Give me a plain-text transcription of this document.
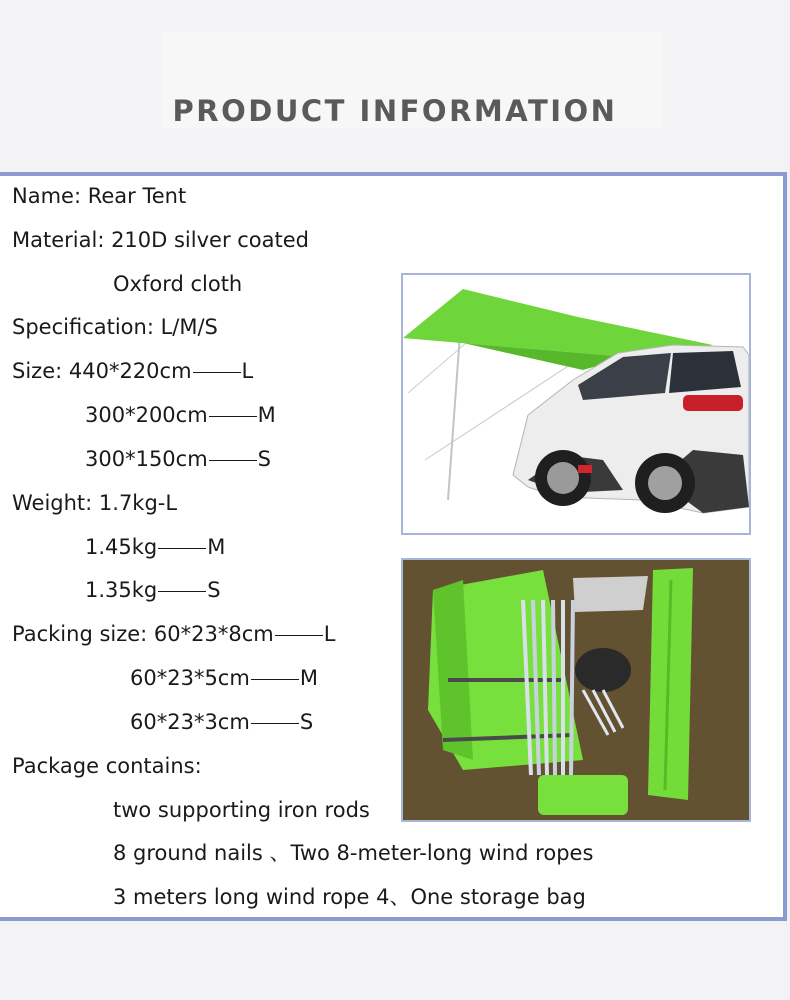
PRODUCT INFORMATION
Name: Rear Tent
Material: 210D silver coated
Oxford cloth
Specification: L/M/S
Size: 440*220cm L
300*200cm M
300*150cm S
Weight: 1.7kg-L
1.45kg M
1.35kg S
Packing size: 60*23*8cm L
60*23*5cm M
60*23*3cm S
Package contains:
two supporting iron rods
8 ground nails 、Two 8-meter-long wind ropes
3 meters long wind rope 4、One storage bag
